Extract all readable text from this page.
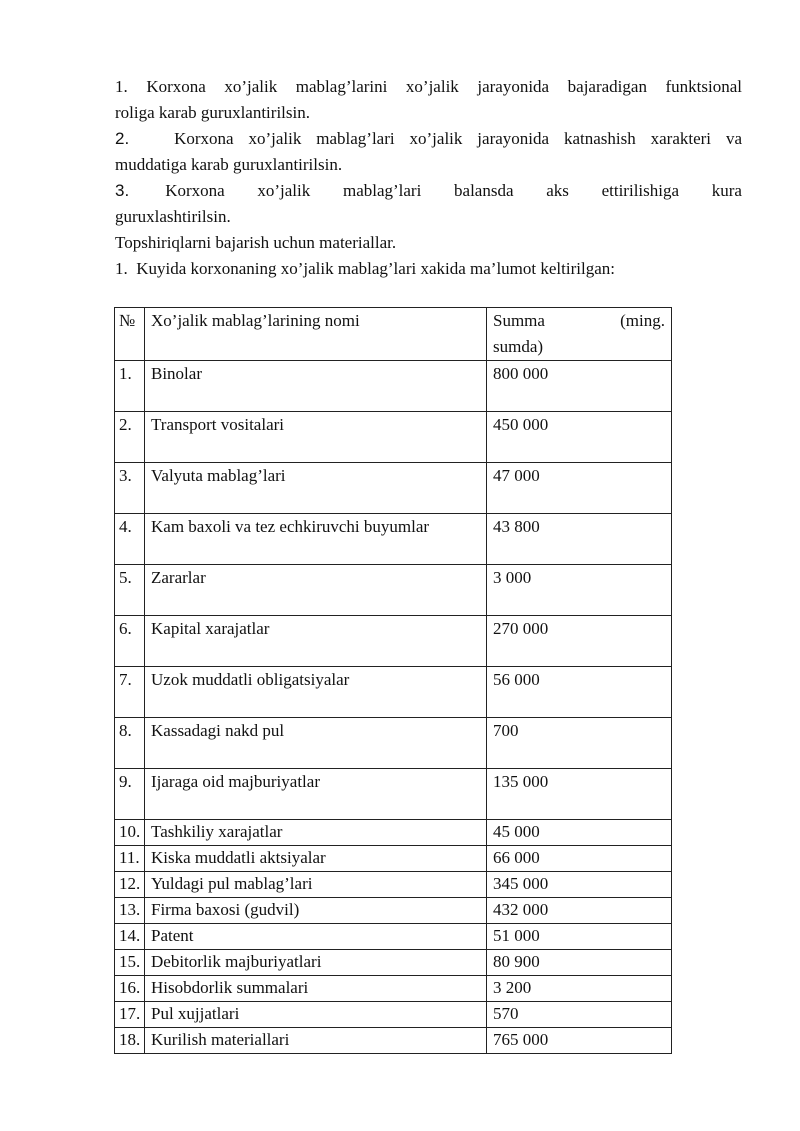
1. Korxona xo’jalik mablag’larini xo’jalik jarayonida bajaradigan funktsional

roliga karab guruxlantirilsin.

2.	Korxona xo’jalik mablag’lari xo’jalik jarayonida katnashish xarakteri va

muddatiga karab guruxlantirilsin.

3. Korxona xo’jalik mablag’lari balansda aks ettirilishiga kura

guruxlashtirilsin.

Topshiriqlarni bajarish uchun materiallar.

1. Kuyida korxonaning xo’jalik mablag’lari xakida ma’lumot keltirilgan:

№	Xo’jalik mablag’larining nomi	Summa (ming.
sumda)

1.	Binolar	800 000
2.	Transport vositalari	450 000
3.	Valyuta mablag’lari	47 000
4.	Kam baxoli va tez echkiruvchi buyumlar	43 800
5.	Zararlar	3 000
6.	Kapital xarajatlar	270 000
7.	Uzok muddatli obligatsiyalar	56 000
8.	Kassadagi nakd pul	700
9.	Ijaraga oid majburiyatlar	135 000
10.	Tashkiliy xarajatlar	45 000
11.	Kiska muddatli aktsiyalar	66 000
12.	Yuldagi pul mablag’lari	345 000
13.	Firma baxosi (gudvil)	432 000
14.	Patent	51 000
15.	Debitorlik majburiyatlari	80 900
16.	Hisobdorlik summalari	3 200
17.	Pul xujjatlari	570
18.	Kurilish materiallari	765 000
